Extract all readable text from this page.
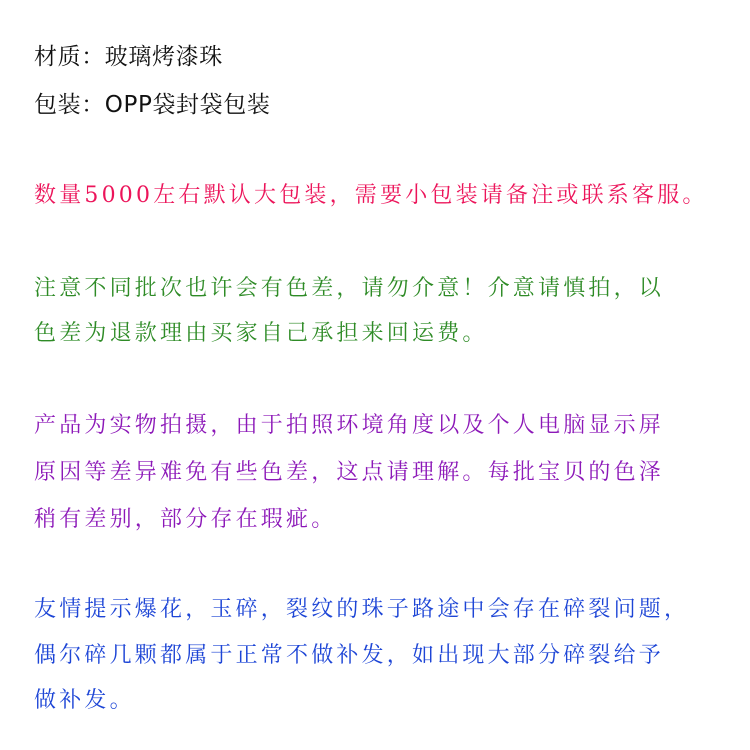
材质：玻璃烤漆珠
包装：OPP袋封袋包装
数量5000左右默认大包装，需要小包装请备注或联系客服。
注意不同批次也许会有色差，请勿介意！介意请慎拍，以
色差为退款理由买家自己承担来回运费。
产品为实物拍摄，由于拍照环境角度以及个人电脑显示屏
原因等差异难免有些色差，这点请理解。每批宝贝的色泽
稍有差别，部分存在瑕疵。
友情提示爆花，玉碎，裂纹的珠子路途中会存在碎裂问题，
偶尔碎几颗都属于正常不做补发，如出现大部分碎裂给予
做补发。
